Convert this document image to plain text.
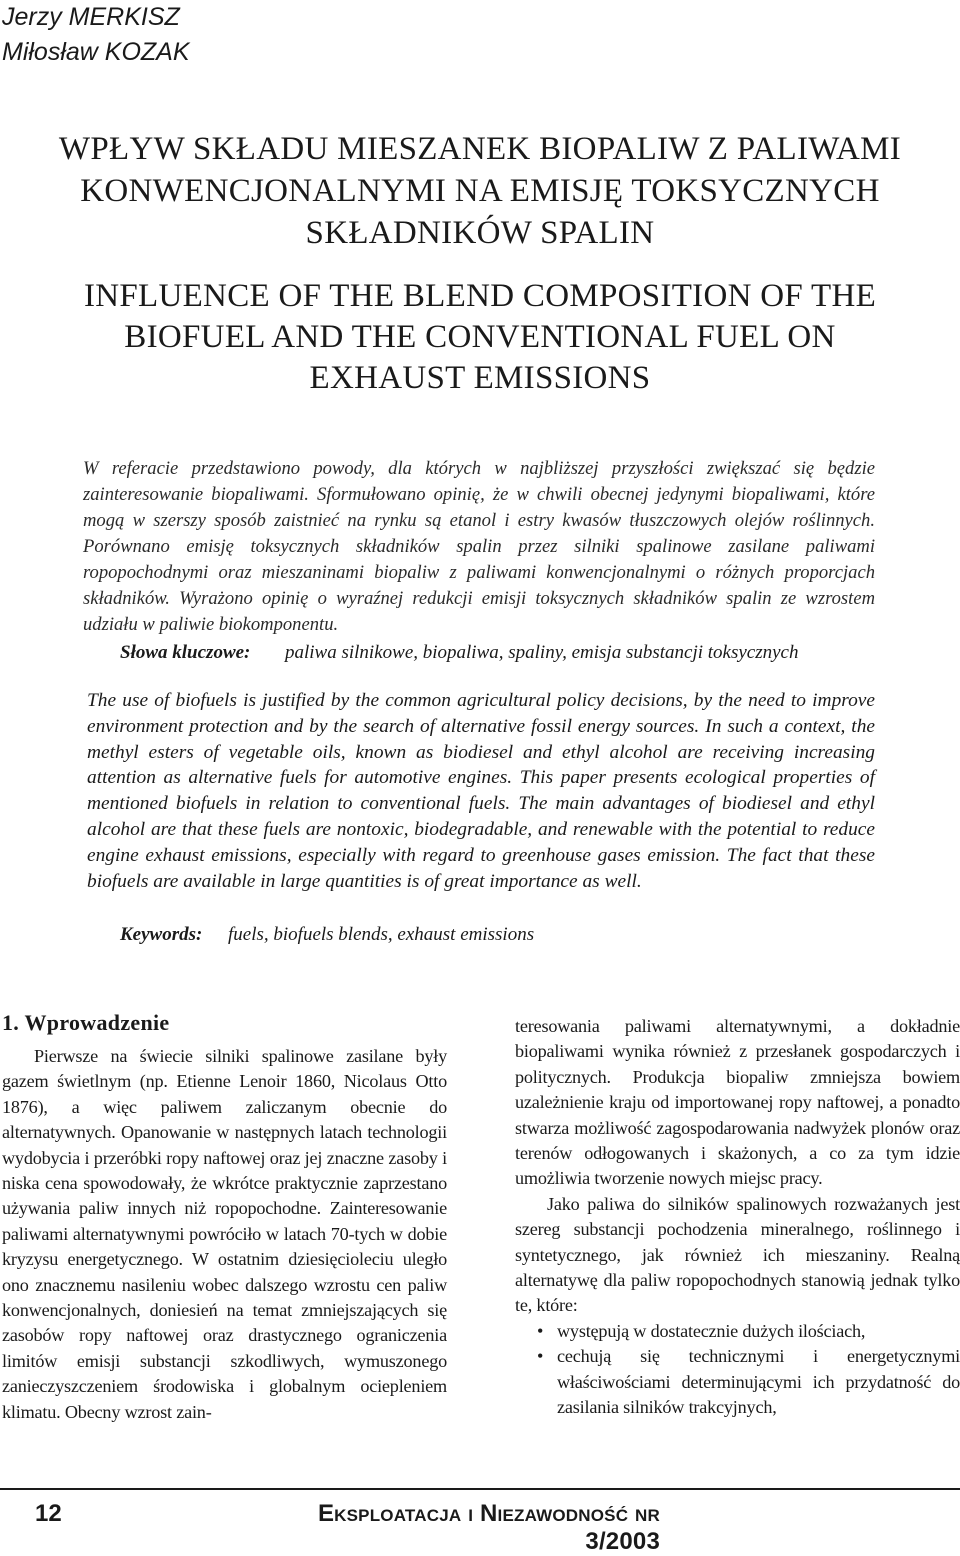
Jerzy MERKISZ
Miłosław KOZAK
WPŁYW SKŁADU MIESZANEK BIOPALIW Z PALIWAMI
KONWENCJONALNYMI NA EMISJĘ TOKSYCZNYCH
SKŁADNIKÓW SPALIN
INFLUENCE OF THE BLEND COMPOSITION OF THE
BIOFUEL AND THE CONVENTIONAL FUEL ON
EXHAUST EMISSIONS
W referacie przedstawiono powody, dla których w najbliższej przyszłości zwiększać się będzie zainteresowanie biopaliwami. Sformułowano opinię, że w chwili obecnej jedynymi biopaliwami, które mogą w szerszy sposób zaistnieć na rynku są etanol i estry kwasów tłuszczowych olejów roślinnych. Porównano emisję toksycznych składników spalin przez silniki spalinowe zasilane paliwami ropopochodnymi oraz mieszaninami biopaliw z paliwami konwencjonalnymi o różnych proporcjach składników. Wyrażono opinię o wyraźnej redukcji emisji toksycznych składników spalin ze wzrostem udziału w paliwie biokomponentu.
Słowa kluczowe: paliwa silnikowe, biopaliwa, spaliny, emisja substancji toksycznych
The use of biofuels is justified by the common agricultural policy decisions, by the need to improve environment protection and by the search of alternative fossil energy sources. In such a context, the methyl esters of vegetable oils, known as biodiesel and ethyl alcohol are receiving increasing attention as alternative fuels for automotive engines. This paper presents ecological properties of mentioned biofuels in relation to conventional fuels. The main advantages of biodiesel and ethyl alcohol are that these fuels are nontoxic, biodegradable, and renewable with the potential to reduce engine exhaust emissions, especially with regard to greenhouse gases emission. The fact that these biofuels are available in large quantities is of great importance as well.
Keywords: fuels, biofuels blends, exhaust emissions
1. Wprowadzenie

Pierwsze na świecie silniki spalinowe zasilane były gazem świetlnym (np. Etienne Lenoir 1860, Nicolaus Otto 1876), a więc paliwem zaliczanym obecnie do alternatywnych. Opanowanie w następnych latach technologii wydobycia i przeróbki ropy naftowej oraz jej znaczne zasoby i niska cena spowodowały, że wkrótce praktycznie zaprzestano używania paliw innych niż ropopochodne. Zainteresowanie paliwami alternatywnymi powróciło w latach 70-tych w dobie kryzysu energetycznego. W ostatnim dziesięcioleciu uległo ono znacznemu nasileniu wobec dalszego wzrostu cen paliw konwencjonalnych, doniesień na temat zmniejszających się zasobów ropy naftowej oraz drastycznego ograniczenia limitów emisji substancji szkodliwych, wymuszonego zanieczyszczeniem środowiska i globalnym ociepleniem klimatu. Obecny wzrost zain-

teresowania paliwami alternatywnymi, a dokładnie biopaliwami wynika również z przesłanek gospodarczych i politycznych. Produkcja biopaliw zmniejsza bowiem uzależnienie kraju od importowanej ropy naftowej, a ponadto stwarza możliwość zagospodarowania nadwyżek plonów oraz terenów odłogowanych i skażonych, a co za tym idzie umożliwia tworzenie nowych miejsc pracy.

Jako paliwa do silników spalinowych rozważanych jest szereg substancji pochodzenia mineralnego, roślinnego i syntetycznego, jak również ich mieszaniny. Realną alternatywę dla paliw ropopochodnych stanowią jednak tylko te, które:

• występują w dostatecznie dużych ilościach,
• cechują się technicznymi i energetycznymi właściwościami determinującymi ich przydatność do zasilania silników trakcyjnych,
12	Eksploatacja i Niezawodność nr 3/2003
